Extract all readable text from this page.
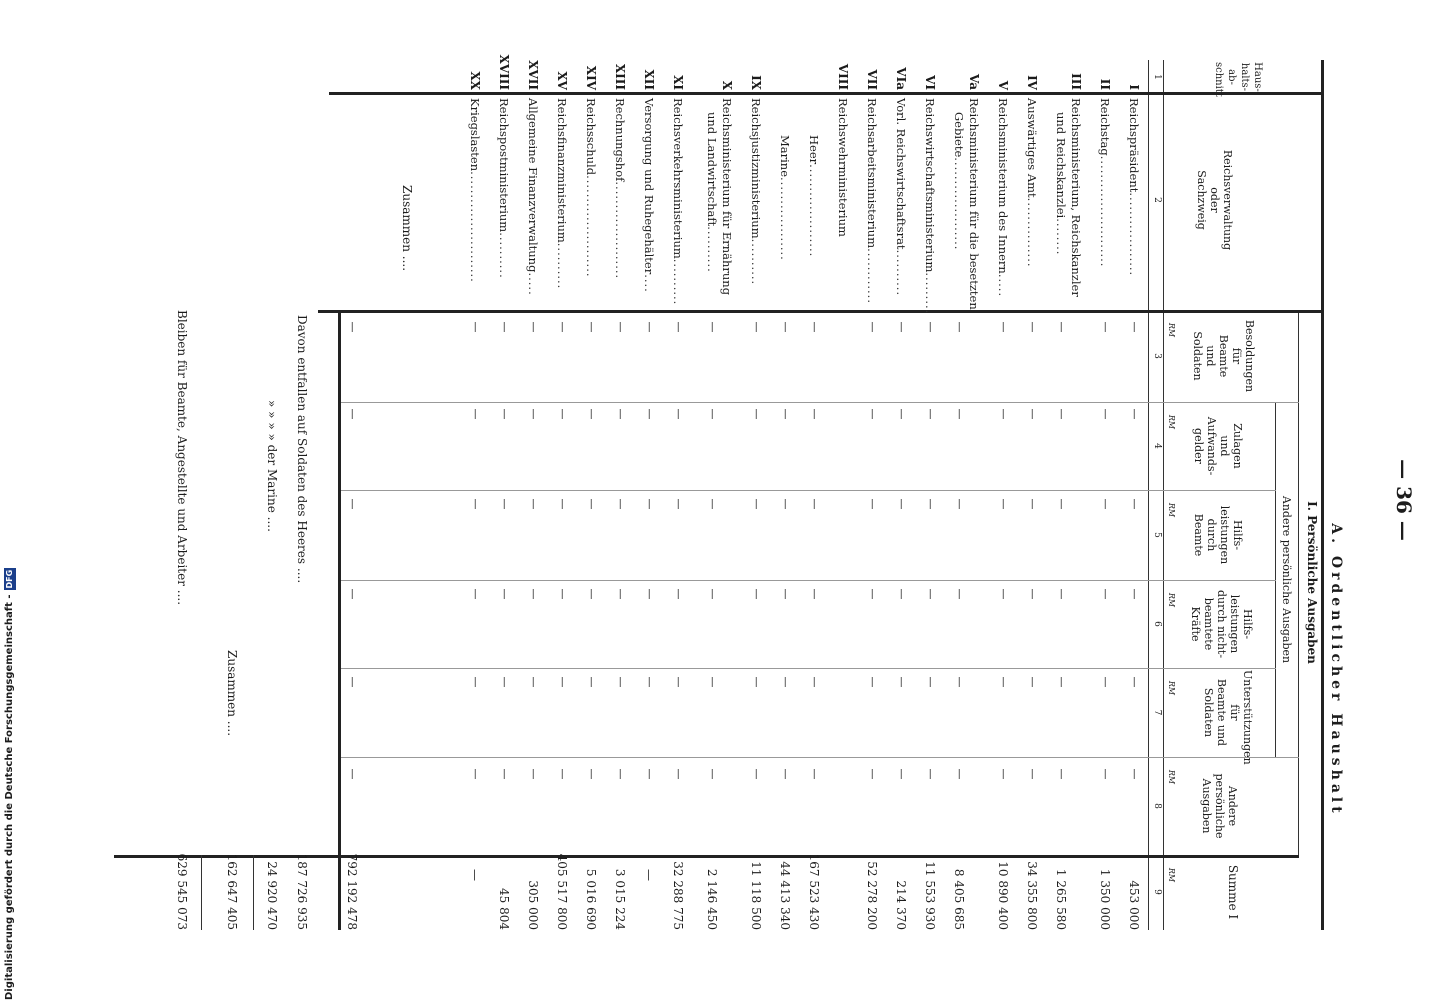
— 36 —
A. Ordentlicher Haushalt
Haus-
halts-
ab-
schnitt
Reichsverwaltung
oder
Sachzweig
I. Persönliche Ausgaben
Andere persönliche Ausgaben
Besoldungen
für
Beamte
und
Soldaten
Zulagen
und
Aufwands-
gelder
Hilfs-
leistungen
durch
Beamte
Hilfs-
leistungen
durch nicht-
beamtete
Kräfte
Unterstützungen
für
Beamte und
Soldaten
Andere
persönliche
Ausgaben
Summe I
RM
RM
RM
RM
RM
RM
RM
1
2
3
4
5
6
7
8
9
I
Reichspräsident..................
—
—
—
—
—
—
453 000
II
Reichstag........................
—
—
—
—
—
—
1 350 000
III
Reichsministerium, Reichskanzler
und Reichskanzlei........
—
—
—
—
—
—
1 265 580
IV
Auswärtiges Amt...............
—
—
—
—
—
—
34 355 800
V
Reichsministerium des Innern.....
—
—
—
—
—
—
10 890 400
Va
Reichsministerium für die besetzten
Gebiete....................
—
—
—
—
—
—
8 405 685
VI
Reichswirtschaftsministerium.........
—
—
—
—
—
—
11 553 930
VIa
Vorl. Reichswirtschaftsrat..........
—
—
—
—
—
—
214 370
VII
Reichsarbeitsministerium............
—
—
—
—
—
—
52 278 200
VIII
Reichswehrministerium
Heer....................
—
—
—
—
—
—
167 523 430
Marine..................
—
—
—
—
—
—
44 413 340
IX
Reichsjustizministerium..........
—
—
—
—
—
—
11 118 500
X
Reichsministerium für Ernährung
und Landwirtschaft..........
—
—
—
—
—
—
2 146 450
XI
Reichsverkehrsministerium..........
—
—
—
—
—
—
32 288 775
XII
Versorgung und Ruhegehälter....
—
—
—
—
—
—
—
XIII
Rechnungshof.....................
—
—
—
—
—
—
3 015 224
XIV
Reichsschuld......................
—
—
—
—
—
—
5 016 690
XV
Reichsfinanzministerium..........
—
—
—
—
—
—
405 517 800
XVII
Allgemeine Finanzverwaltung.....
—
—
—
—
—
—
305 000
XVIII
Reichspostministerium..........
—
—
—
—
—
—
45 804
XX
Kriegslasten........................
—
—
—
—
—
—
—
—
—
—
—
—
—
Zusammen ....
792 192 478
Davon entfallen auf Soldaten des Heeres ....
187 726 935
» » » » der Marine ....
24 920 470
Zusammen ....
162 647 405
Bleiben für Beamte, Angestellte und Arbeiter ....
629 545 073
Digitalisierung gefördert durch die Deutsche Forschungsgemeinschaft -DFG
